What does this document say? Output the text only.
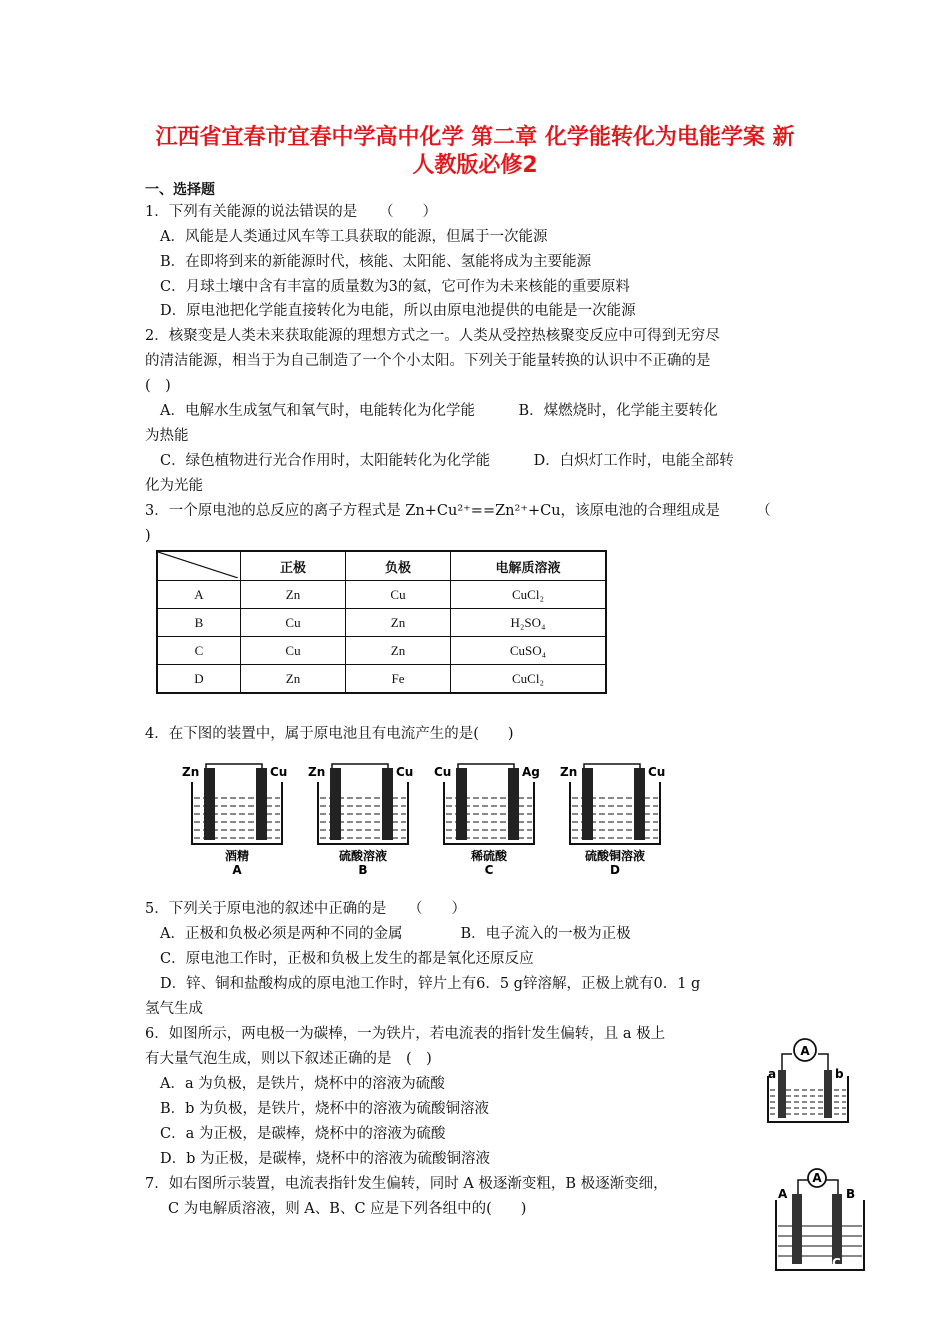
江西省宜春市宜春中学高中化学 第二章 化学能转化为电能学案 新
人教版必修2
一、选择题
1．下列有关能源的说法错误的是　　（　　）
A．风能是人类通过风车等工具获取的能源，但属于一次能源
B．在即将到来的新能源时代，核能、太阳能、氢能将成为主要能源
C．月球土壤中含有丰富的质量数为3的氦，它可作为未来核能的重要原料
D．原电池把化学能直接转化为电能，所以由原电池提供的电能是一次能源
2．核聚变是人类未来获取能源的理想方式之一。人类从受控热核聚变反应中可得到无穷尽
的清洁能源，相当于为自己制造了一个个小太阳。下列关于能量转换的认识中不正确的是
(　)
A．电解水生成氢气和氧气时，电能转化为化学能　　　B．煤燃烧时，化学能主要转化
为热能
C．绿色植物进行光合作用时，太阳能转化为化学能　　　D．白炽灯工作时，电能全部转
化为光能
3．一个原电池的总反应的离子方程式是 Zn+Cu²⁺==Zn²⁺+Cu，该原电池的合理组成是　　　（
)
	正极	负极	电解质溶液
A	Zn	Cu	CuCl₂
B	Cu	Zn	H₂SO₄
C	Cu	Zn	CuSO₄
D	Zn	Fe	CuCl₂
4．在下图的装置中，属于原电池且有电流产生的是(　　)
Zn	Cu
酒精
A
Zn	Cu
硫酸溶液
B
Cu	Ag
稀硫酸
C
Zn	Cu
硫酸铜溶液
D
5．下列关于原电池的叙述中正确的是　　（　　）
A．正极和负极必须是两种不同的金属　　　　B．电子流入的一极为正极
C．原电池工作时，正极和负极上发生的都是氧化还原反应
D．锌、铜和盐酸构成的原电池工作时，锌片上有6．5 g锌溶解，正极上就有0．1 g
氢气生成
6．如图所示，两电极一为碳棒，一为铁片，若电流表的指针发生偏转，且 a 极上
有大量气泡生成，则以下叙述正确的是　(　)
A．a 为负极，是铁片，烧杯中的溶液为硫酸
B．b 为负极，是铁片，烧杯中的溶液为硫酸铜溶液
C．a 为正极，是碳棒，烧杯中的溶液为硫酸
D．b 为正极，是碳棒，烧杯中的溶液为硫酸铜溶液
A
a	b
7．如右图所示装置，电流表指针发生偏转，同时 A 极逐渐变粗，B 极逐渐变细，
C 为电解质溶液，则 A、B、C 应是下列各组中的(　　)
A
A	B
C
